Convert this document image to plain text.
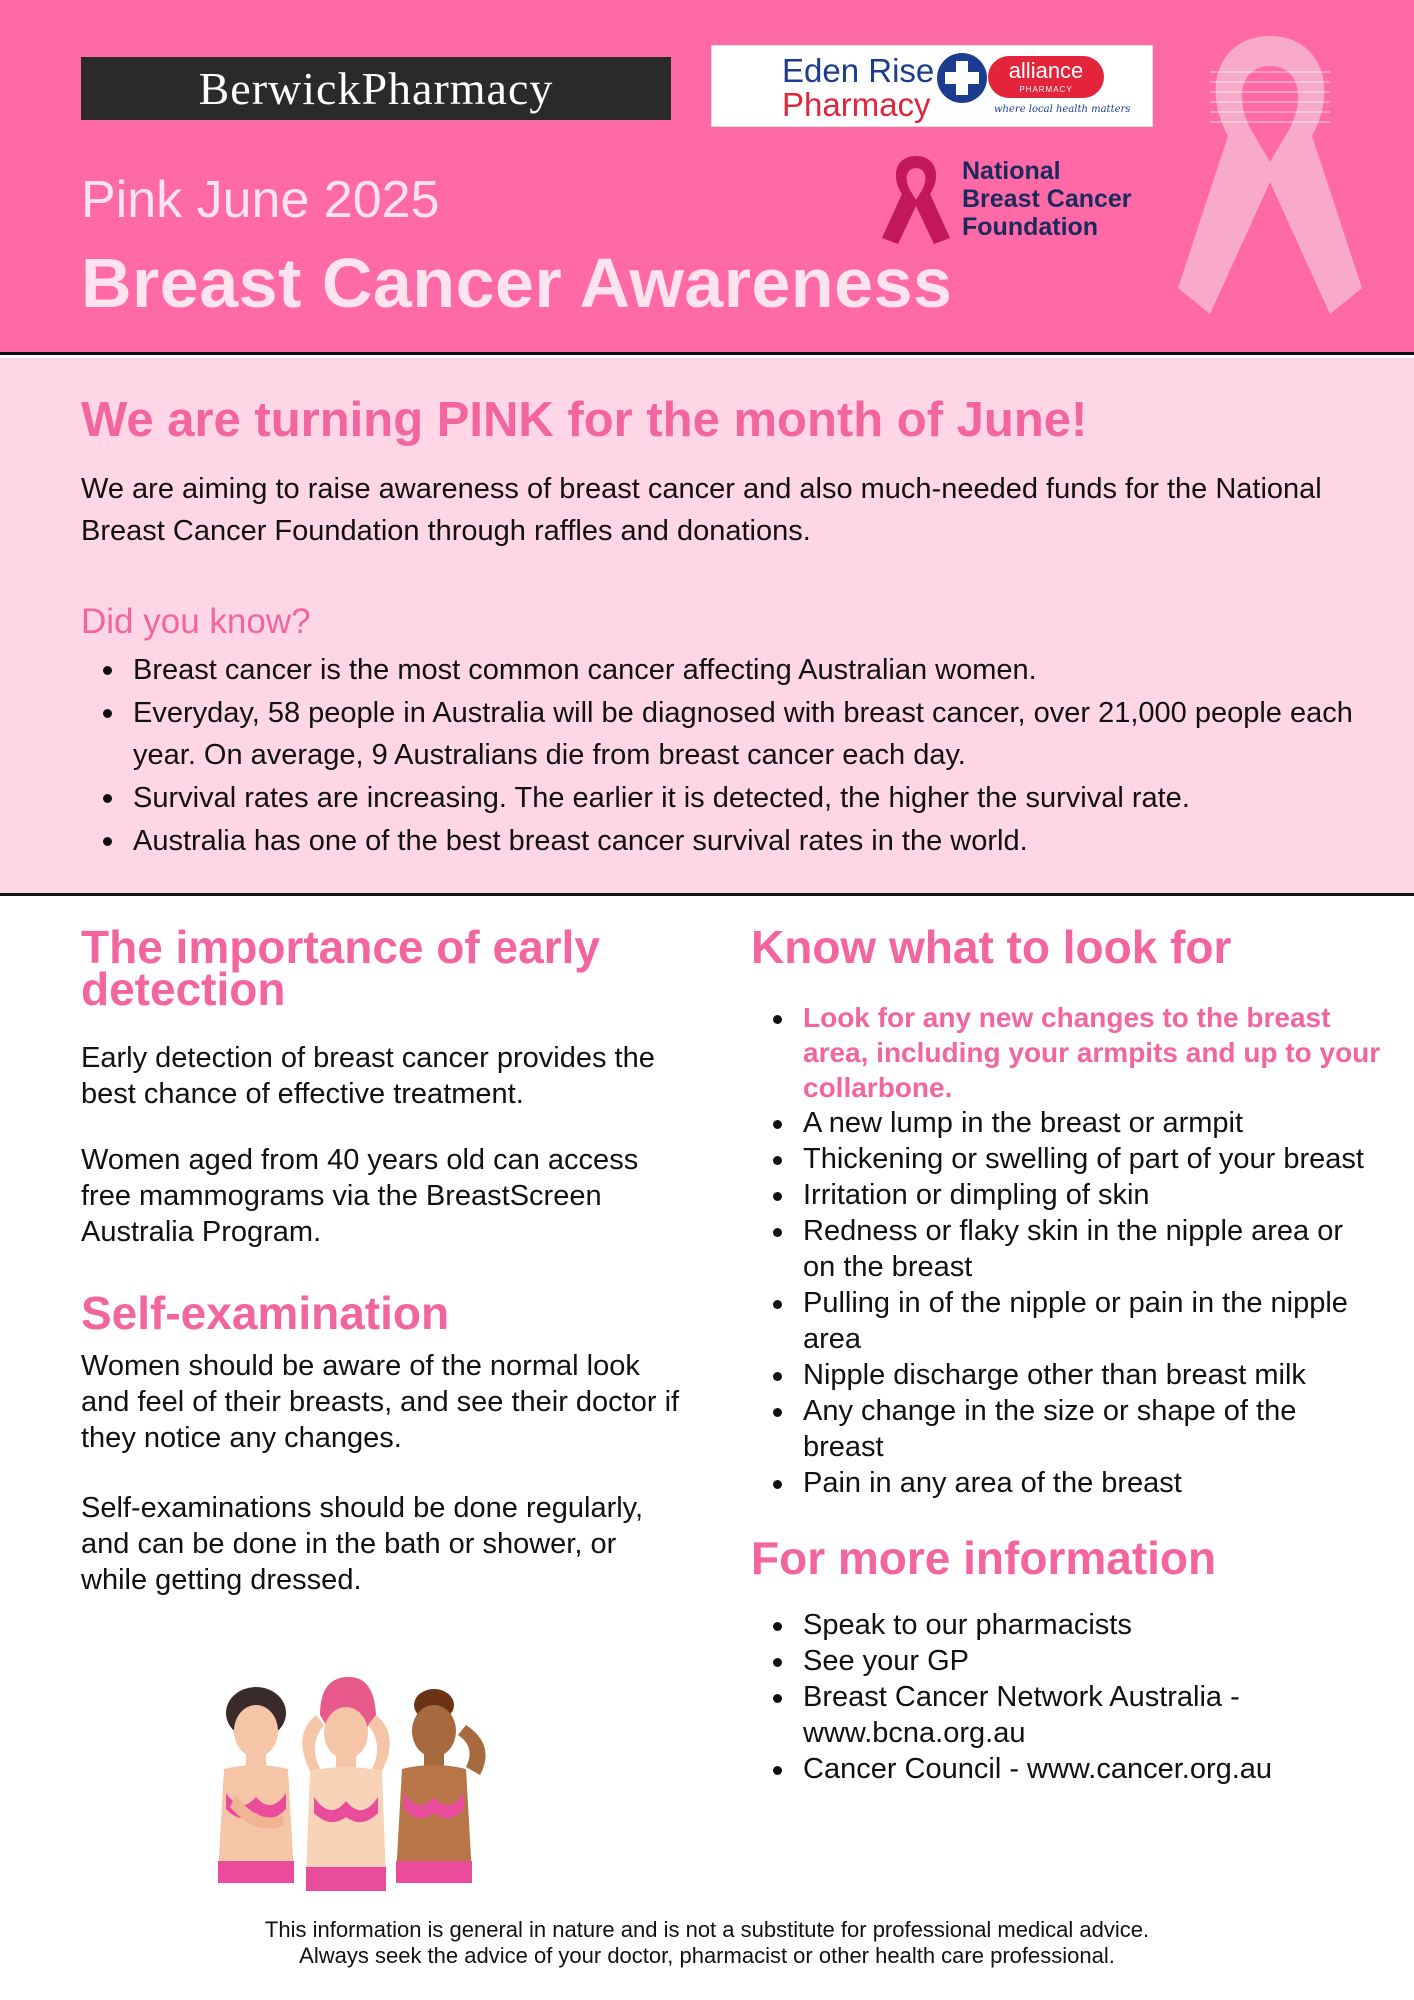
BerwickPharmacy	Eden Rise
Pharmacy
alliance
PHARMACY
where local health matters
National
Breast Cancer
Foundation
Pink June 2025
Breast Cancer Awareness
We are turning PINK for the month of June!
We are aiming to raise awareness of breast cancer and also much-needed funds for the National Breast Cancer Foundation through raffles and donations.
Did you know?
Breast cancer is the most common cancer affecting Australian women.
Everyday, 58 people in Australia will be diagnosed with breast cancer, over 21,000 people each year. On average, 9 Australians die from breast cancer each day.
Survival rates are increasing. The earlier it is detected, the higher the survival rate.
Australia has one of the best breast cancer survival rates in the world.
The importance of early detection

Early detection of breast cancer provides the best chance of effective treatment.

Women aged from 40 years old can access free mammograms via the BreastScreen Australia Program.

Self-examination

Women should be aware of the normal look and feel of their breasts, and see their doctor if they notice any changes.

Self-examinations should be done regularly, and can be done in the bath or shower, or while getting dressed.

Know what to look for
Look for any new changes to the breast area, including your armpits and up to your collarbone.
A new lump in the breast or armpit
Thickening or swelling of part of your breast
Irritation or dimpling of skin
Redness or flaky skin in the nipple area or on the breast
Pulling in of the nipple or pain in the nipple area
Nipple discharge other than breast milk
Any change in the size or shape of the breast
Pain in any area of the breast
For more information
Speak to our pharmacists
See your GP
Breast Cancer Network Australia - www.bcna.org.au
Cancer Council - www.cancer.org.au
This information is general in nature and is not a substitute for professional medical advice.
Always seek the advice of your doctor, pharmacist or other health care professional.
